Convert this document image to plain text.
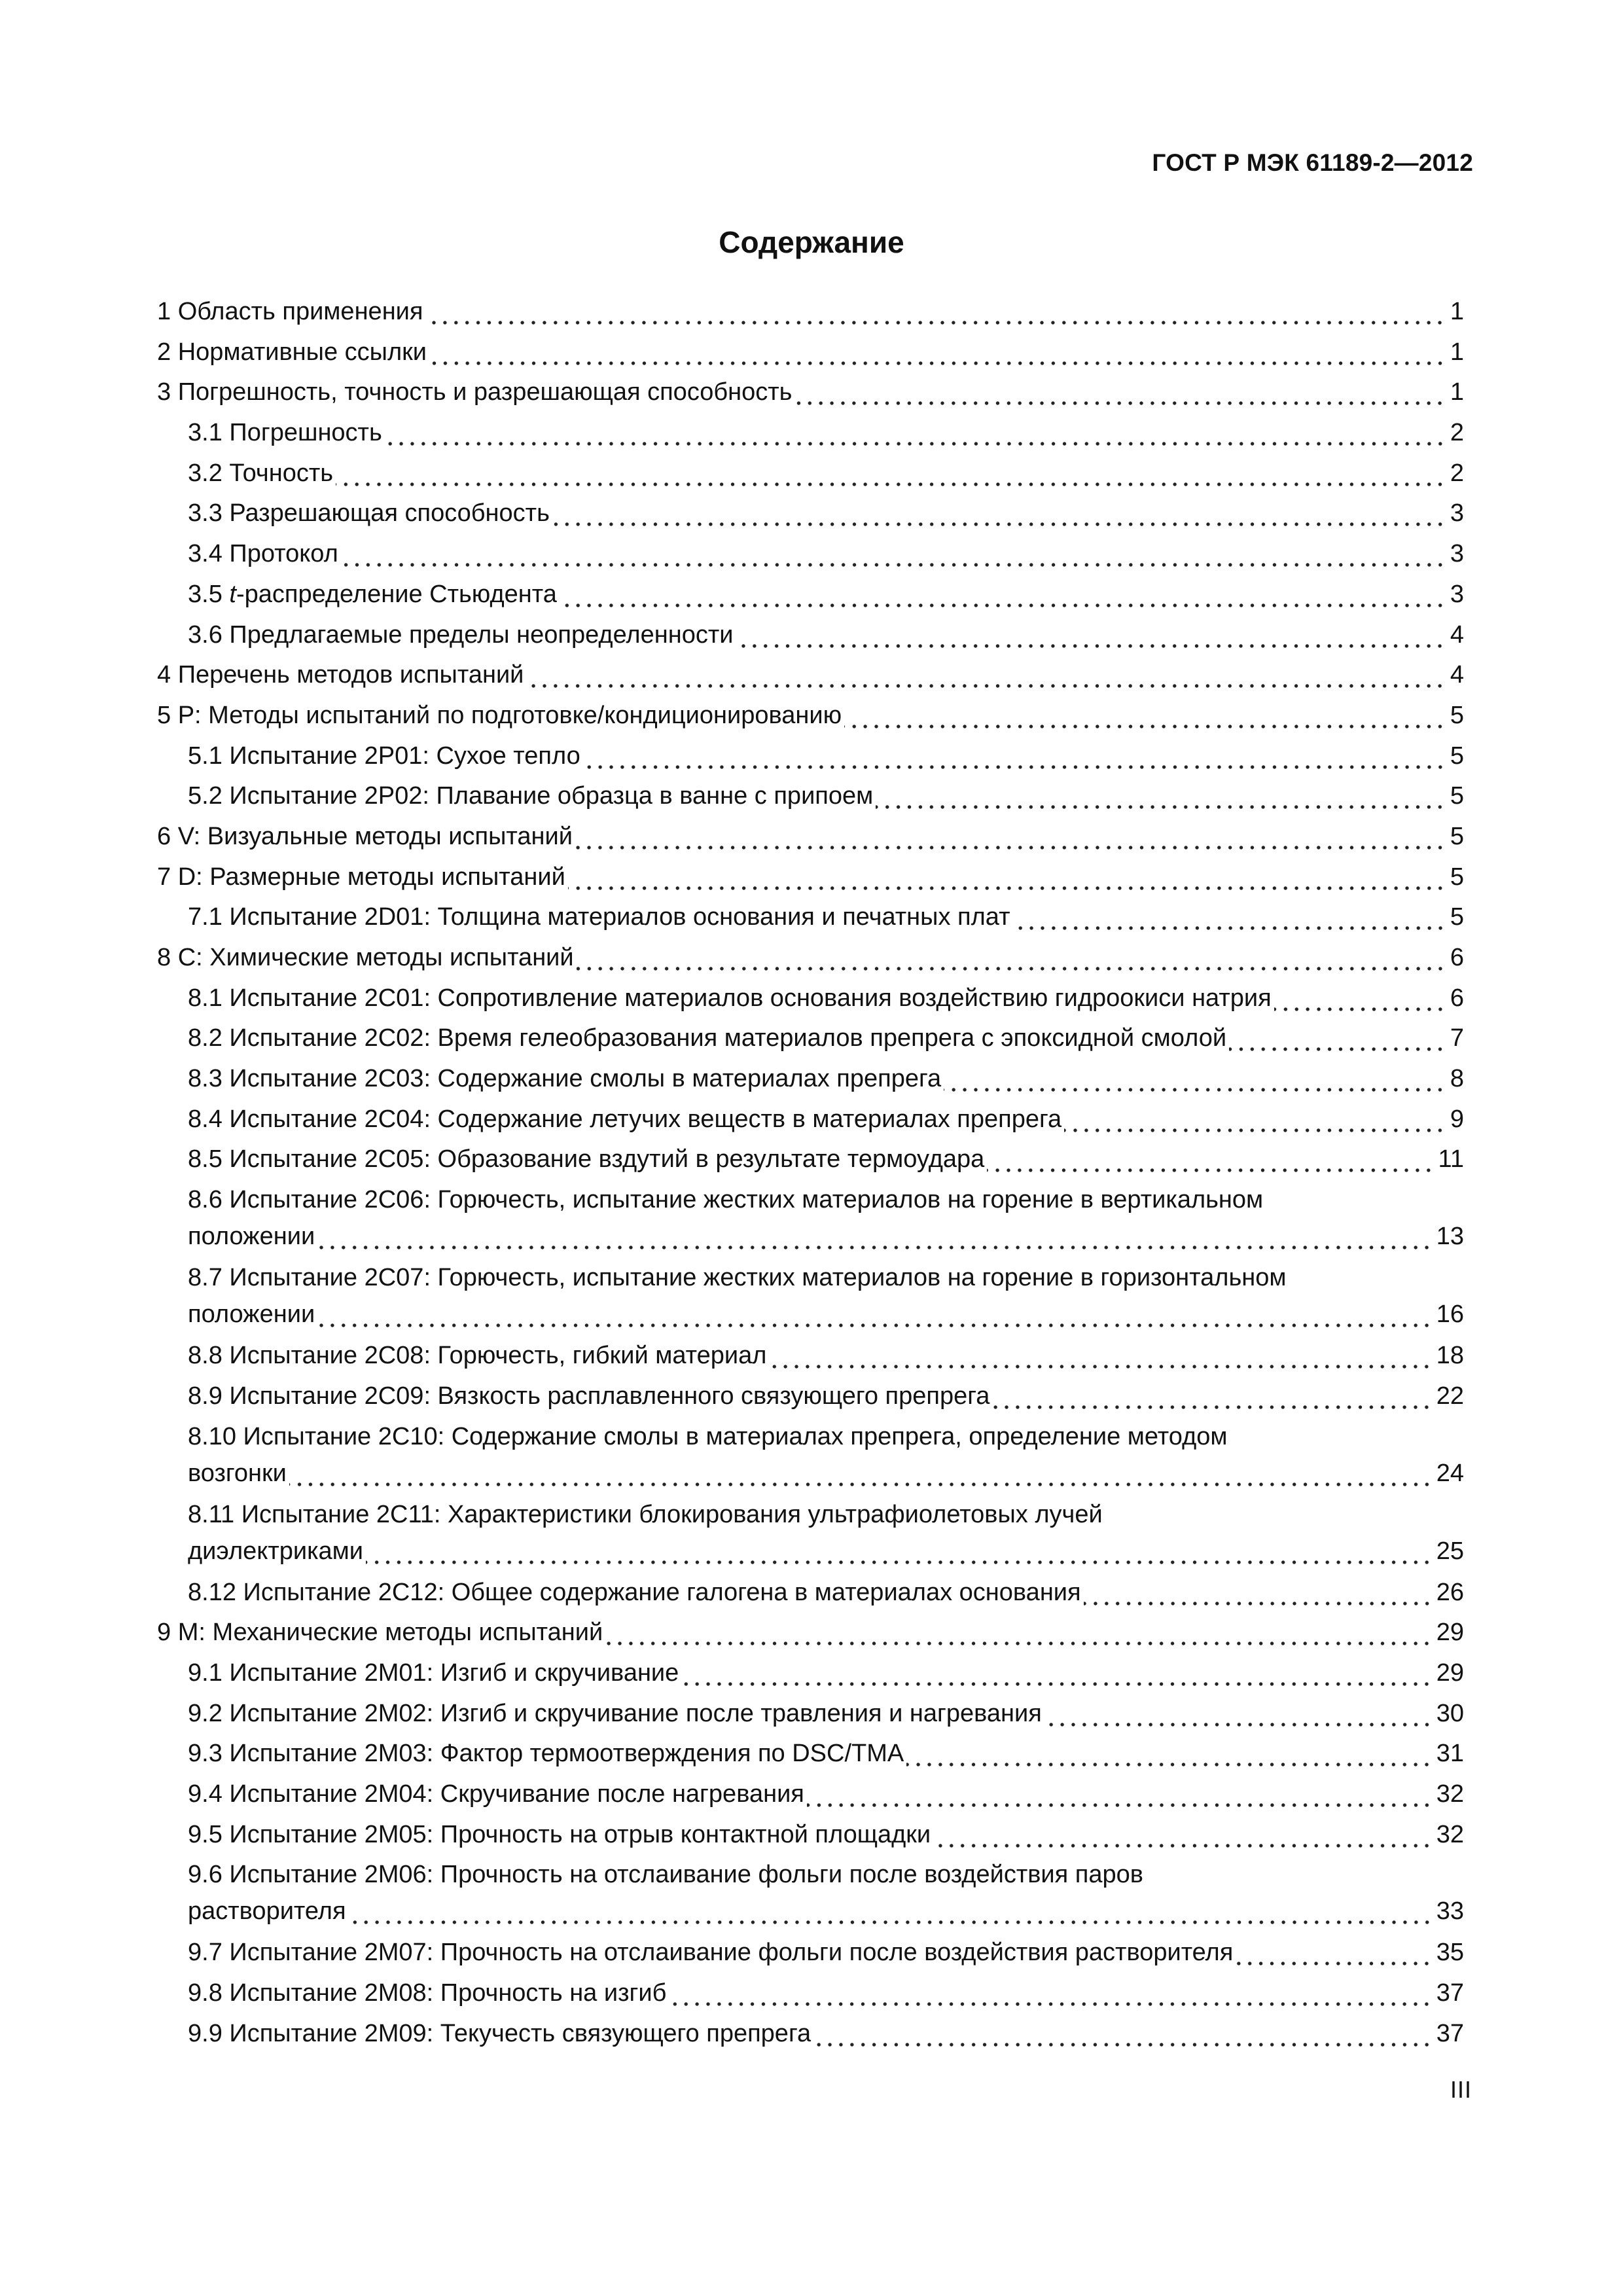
ГОСТ Р МЭК 61189-2—2012
Содержание
1 Область применения	1
2 Нормативные ссылки	1
3 Погрешность, точность и разрешающая способность	1
3.1 Погрешность	2
3.2 Точность	2
3.3 Разрешающая способность	3
3.4 Протокол	3
3.5 t-распределение Стьюдента	3
3.6 Предлагаемые пределы неопределенности	4
4 Перечень методов испытаний	4
5 P: Методы испытаний по подготовке/кондиционированию	5
5.1 Испытание 2P01: Сухое тепло	5
5.2 Испытание 2P02: Плавание образца в ванне с припоем	5
6 V: Визуальные методы испытаний	5
7 D: Размерные методы испытаний	5
7.1 Испытание 2D01: Толщина материалов основания и печатных плат	5
8 С: Химические методы испытаний	6
8.1 Испытание 2С01: Сопротивление материалов основания воздействию гидроокиси натрия	6
8.2 Испытание 2С02: Время гелеобразования материалов препрега с эпоксидной смолой	7
8.3 Испытание 2С03: Содержание смолы в материалах препрега	8
8.4 Испытание 2С04: Содержание летучих веществ в материалах препрега	9
8.5 Испытание 2С05: Образование вздутий в результате термоудара	11
8.6 Испытание 2С06: Горючесть, испытание жестких материалов на горение в вертикальном
положении	13
8.7 Испытание 2С07: Горючесть, испытание жестких материалов на горение в горизонтальном
положении	16
8.8 Испытание 2С08: Горючесть, гибкий материал	18
8.9 Испытание 2С09: Вязкость расплавленного связующего препрега	22
8.10 Испытание 2С10: Содержание смолы в материалах препрега, определение методом
возгонки	24
8.11 Испытание 2С11: Характеристики блокирования ультрафиолетовых лучей
диэлектриками	25
8.12 Испытание 2С12: Общее содержание галогена в материалах основания	26
9 М: Механические методы испытаний	29
9.1 Испытание 2М01: Изгиб и скручивание	29
9.2 Испытание 2М02: Изгиб и скручивание после травления и нагревания	30
9.3 Испытание 2М03: Фактор термоотверждения по DSC/TMA	31
9.4 Испытание 2М04: Скручивание после нагревания	32
9.5 Испытание 2М05: Прочность на отрыв контактной площадки	32
9.6 Испытание 2М06: Прочность на отслаивание фольги после воздействия паров
растворителя	33
9.7 Испытание 2М07: Прочность на отслаивание фольги после воздействия растворителя	35
9.8 Испытание 2М08: Прочность на изгиб	37
9.9 Испытание 2М09: Текучесть связующего препрега	37
III
